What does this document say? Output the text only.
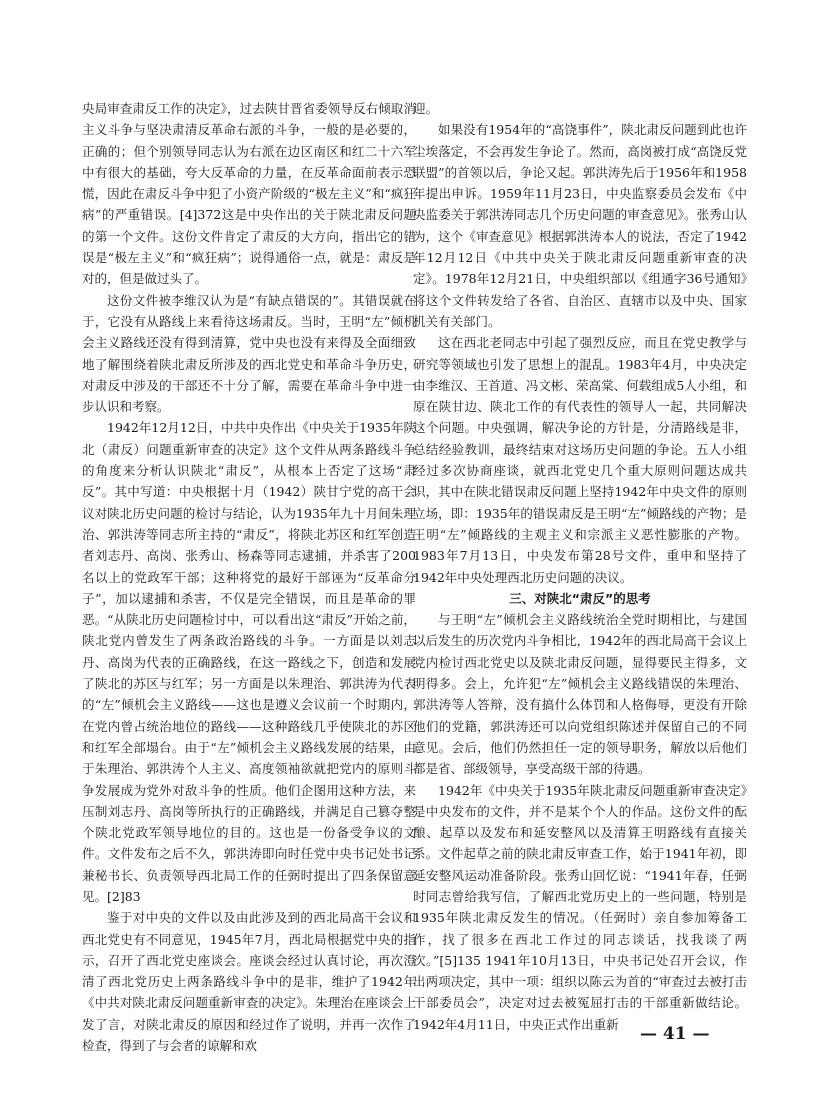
央局审查肃反工作的决定》，过去陕甘晋省委领导反右倾取消主义斗争与坚决肃清反革命右派的斗争，一般的是必要的，正确的；但个别领导同志认为右派在边区南区和红二十六军中有很大的基础，夸大反革命的力量，在反革命面前表示恐慌，因此在肃反斗争中犯了小资产阶级的“极左主义”和“疯狂病”的严重错误。[4]372这是中央作出的关于陕北肃反问题的第一个文件。这份文件肯定了肃反的大方向，指出它的错误是“极左主义”和“疯狂病”；说得通俗一点，就是：肃反是对的，但是做过头了。

这份文件被李维汉认为是“有缺点错误的”。其错误就在于，它没有从路线上来看待这场肃反。当时，王明“左”倾机会主义路线还没有得到清算，党中央也没有来得及全面细致地了解围绕着陕北肃反所涉及的西北党史和革命斗争历史，对肃反中涉及的干部还不十分了解，需要在革命斗争中进一步认识和考察。

1942年12月12日，中共中央作出《中央关于1935年陕北（肃反）问题重新审查的决定》这个文件从两条路线斗争的角度来分析认识陕北“肃反”，从根本上否定了这场“肃反”。其中写道：中央根据十月（1942）陕甘宁党的高干会议对陕北历史问题的检讨与结论，认为1935年九十月间朱理治、郭洪涛等同志所主持的“肃反”，将陕北苏区和红军创造者刘志丹、高岗、张秀山、杨森等同志逮捕，并杀害了200名以上的党政军干部；这种将党的最好干部诬为“反革命分子”，加以逮捕和杀害，不仅是完全错误，而且是革命的罪恶。“从陕北历史问题检讨中，可以看出这“肃反”开始之前，陕北党内曾发生了两条政治路线的斗争。一方面是以刘志丹、高岗为代表的正确路线，在这一路线之下，创造和发展了陕北的苏区与红军；另一方面是以朱理治、郭洪涛为代表的“左”倾机会主义路线——这也是遵义会议前一个时期内，在党内曾占统治地位的路线——这种路线几乎使陕北的苏区和红军全部塌台。由于“左”倾机会主义路线发展的结果，由于朱理治、郭洪涛个人主义、高度领袖欲就把党内的原则斗争发展成为党外对敌斗争的性质。他们企图用这种方法，来压制刘志丹、高岗等所执行的正确路线，并满足自己篡夺整个陕北党政军领导地位的目的。这也是一份备受争议的文件。文件发布之后不久，郭洪涛即向时任党中央书记处书记兼秘书长、负责领导西北局工作的任弼时提出了四条保留意见。[2]83

鉴于对中央的文件以及由此涉及到的西北局高干会议和西北党史有不同意见，1945年7月，西北局根据党中央的指示，召开了西北党史座谈会。座谈会经过认真讨论，再次澄清了西北党历史上两条路线斗争中的是非，维护了1942年《中共对陕北肃反问题重新审查的决定》。朱理治在座谈会上发了言，对陕北肃反的原因和经过作了说明，并再一次作了检查，得到了与会者的谅解和欢

迎。

如果没有1954年的“高饶事件”，陕北肃反问题到此也许尘埃落定，不会再发生争论了。然而，高岗被打成“高饶反党联盟”的首领以后，争论又起。郭洪涛先后于1956年和1958年提出申诉。1959年11月23日，中央监察委员会发布《中央监委关于郭洪涛同志几个历史问题的审查意见》。张秀山认为，这个《审查意见》根据郭洪涛本人的说法，否定了1942年12月12日《中共中央关于陕北肃反问题重新审查的决定》。1978年12月21日，中央组织部以《组通字36号通知》将这个文件转发给了各省、自治区、直辖市以及中央、国家机关有关部门。

这在西北老同志中引起了强烈反应，而且在党史教学与研究等领域也引发了思想上的混乱。1983年4月，中央决定由李维汉、王首道、冯文彬、荣高棠、何载组成5人小组，和原在陕甘边、陕北工作的有代表性的领导人一起，共同解决这个问题。中央强调，解决争论的方针是，分清路线是非，总结经验教训，最终结束对这场历史问题的争论。五人小组经过多次协商座谈，就西北党史几个重大原则问题达成共识，其中在陕北错误肃反问题上坚持1942年中央文件的原则立场，即：1935年的错误肃反是王明“左”倾路线的产物；是王明“左”倾路线的主观主义和宗派主义恶性膨胀的产物。1983年7月13日，中央发布第28号文件，重申和坚持了1942年中央处理西北历史问题的决议。

三、对陕北“肃反”的思考

与王明“左”倾机会主义路线统治全党时期相比，与建国以后发生的历次党内斗争相比，1942年的西北局高干会议上党内检讨西北党史以及陕北肃反问题，显得要民主得多，文明得多。会上，允许犯“左”倾机会主义路线错误的朱理治、郭洪涛等人答辩，没有搞什么体罚和人格侮辱，更没有开除他们的党籍，郭洪涛还可以向党组织陈述并保留自己的不同意见。会后，他们仍然担任一定的领导职务，解放以后他们都是省、部级领导，享受高级干部的待遇。

1942年《中央关于1935年陕北肃反问题重新审查决定》是中央发布的文件，并不是某个个人的作品。这份文件的酝酿、起草以及发布和延安整风以及清算王明路线有直接关系。文件起草之前的陕北肃反审查工作，始于1941年初，即延安整风运动准备阶段。张秀山回忆说：“1941年春，任弼时同志曾给我写信，了解西北党历史上的一些问题，特别是1935年陕北肃反发生的情况。（任弼时）亲自参加筹备工作，找了很多在西北工作过的同志谈话，找我谈了两次。”[5]135 1941年10月13日，中央书记处召开会议，作出两项决定，其中一项：组织以陈云为首的“审查过去被打击干部委员会”，决定对过去被冤屈打击的干部重新做结论。1942年4月11日，中央正式作出重新	— 41 —
